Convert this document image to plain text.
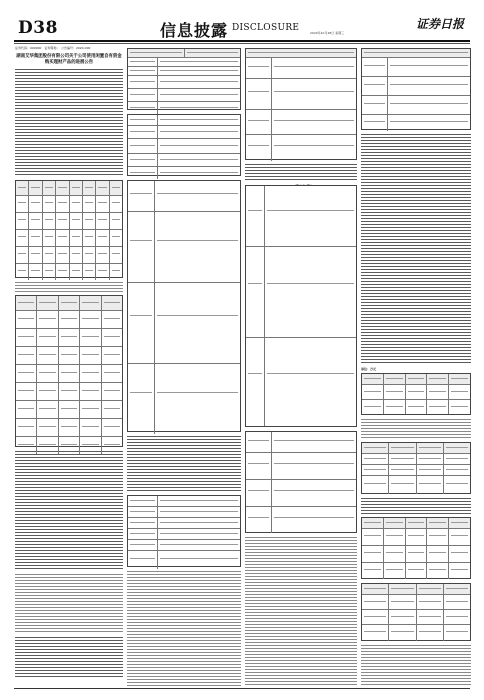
D38	信息披露 DISCLOSURE	证券日报
2020年10月28日 星期三
证券代码：000000　证券简称：　公告编号：2020-000
湖南艾华集团股份有限公司关于公司使用闲置自有资金购买理财产品的进展公告
单位：万元
～∽～
